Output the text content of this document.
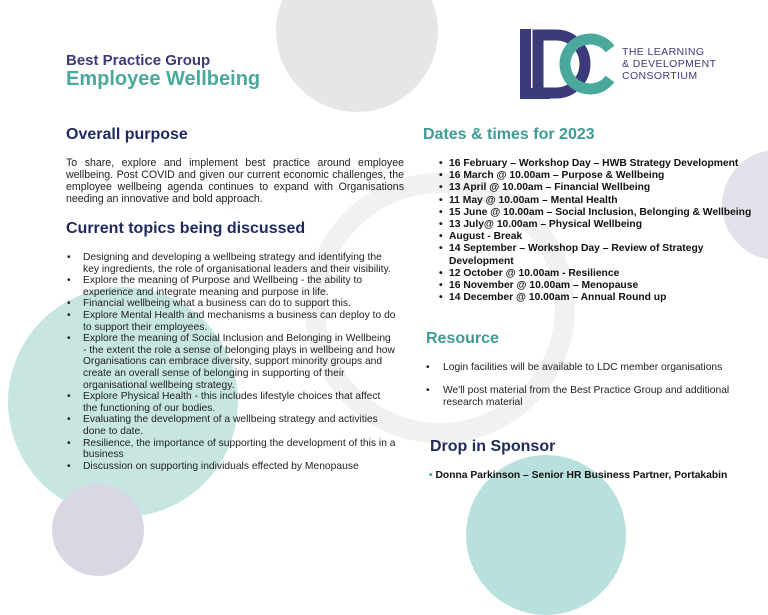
Best Practice Group
Employee Wellbeing
THE LEARNING
& DEVELOPMENT
CONSORTIUM
Overall purpose

To share, explore and implement best practice around employee wellbeing. Post COVID and given our current economic challenges, the employee wellbeing agenda continues to expand with Organisations needing an innovative and bold approach.

Current topics being discussed
• Designing and developing a wellbeing strategy and identifying the key ingredients, the role of organisational leaders and their visibility.
• Explore the meaning of Purpose and Wellbeing - the ability to experience and integrate meaning and purpose in life.
• Financial wellbeing what a business can do to support this.
• Explore Mental Health and mechanisms a business can deploy to do to support their employees.
• Explore the meaning of Social Inclusion and Belonging in Wellbeing - the extent the role a sense of belonging plays in wellbeing and how Organisations can embrace diversity, support minority groups and create an overall sense of belonging in supporting of their organisational wellbeing strategy.
• Explore Physical Health - this includes lifestyle choices that affect the functioning of our bodies.
• Evaluating the development of a wellbeing strategy and activities done to date.
• Resilience, the importance of supporting the development of this in a business
• Discussion on supporting individuals effected by Menopause
Dates & times for 2023
• 16 February – Workshop Day – HWB Strategy Development
• 16 March @ 10.00am – Purpose & Wellbeing
• 13 April @ 10.00am – Financial Wellbeing
• 11 May @ 10.00am – Mental Health
• 15 June @ 10.00am – Social Inclusion, Belonging & Wellbeing
• 13 July@ 10.00am – Physical Wellbeing
• August - Break
• 14 September – Workshop Day – Review of Strategy Development
• 12 October @ 10.00am - Resilience
• 16 November @ 10.00am – Menopause
• 14 December @ 10.00am – Annual Round up
Resource
• Login facilities will be available to LDC member organisations
• We'll post material from the Best Practice Group and additional research material
Drop in Sponsor
• Donna Parkinson – Senior HR Business Partner, Portakabin
